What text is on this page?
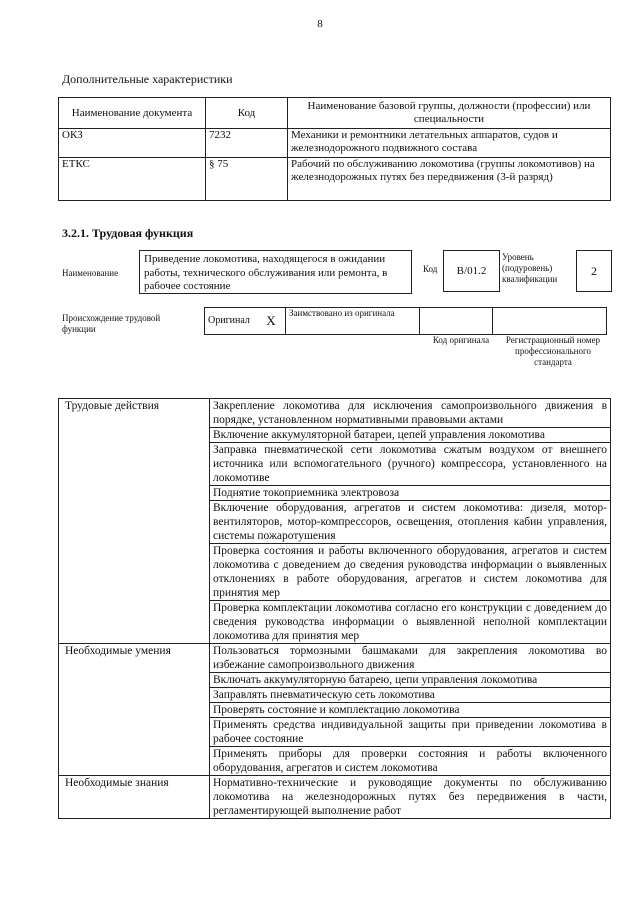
8
Дополнительные характеристики
Наименование документа	Код	Наименование базовой группы, должности (профессии) или специальности
ОКЗ	7232	Механики и ремонтники летательных аппаратов, судов и железнодорожного подвижного состава
ЕТКС	§ 75	Рабочий по обслуживанию локомотива (группы локомотивов) на железнодорожных путях без передвижения (3-й разряд)
3.2.1. Трудовая функция
Наименование
Приведение локомотива, находящегося в ожидании работы, технического обслуживания или ремонта, в рабочее состояние
Код	В/01.2
Уровень (подуровень) квалификации
2
Происхождение трудовой функции
Оригинал	X	Заимствовано из оригинала		
Код оригинала	Регистрационный номер профессионального стандарта
Трудовые действия	Закрепление локомотива для исключения самопроизвольного движения в порядке, установленном нормативными правовыми актами
	Включение аккумуляторной батареи, цепей управления локомотива
	Заправка пневматической сети локомотива сжатым воздухом от внешнего источника или вспомогательного (ручного) компрессора, установленного на локомотиве
	Поднятие токоприемника электровоза
	Включение оборудования, агрегатов и систем локомотива: дизеля, мотор-вентиляторов, мотор-компрессоров, освещения, отопления кабин управления, системы пожаротушения
	Проверка состояния и работы включенного оборудования, агрегатов и систем локомотива с доведением до сведения руководства информации о выявленных отклонениях в работе оборудования, агрегатов и систем локомотива для принятия мер
	Проверка комплектации локомотива согласно его конструкции с доведением до сведения руководства информации о выявленной неполной комплектации локомотива для принятия мер
Необходимые умения	Пользоваться тормозными башмаками для закрепления локомотива во избежание самопроизвольного движения
	Включать аккумуляторную батарею, цепи управления локомотива
	Заправлять пневматическую сеть локомотива
	Проверять состояние и комплектацию локомотива
	Применять средства индивидуальной защиты при приведении локомотива в рабочее состояние
	Применять приборы для проверки состояния и работы включенного оборудования, агрегатов и систем локомотива
Необходимые знания	Нормативно-технические и руководящие документы по обслуживанию локомотива на железнодорожных путях без передвижения в части, регламентирующей выполнение работ
